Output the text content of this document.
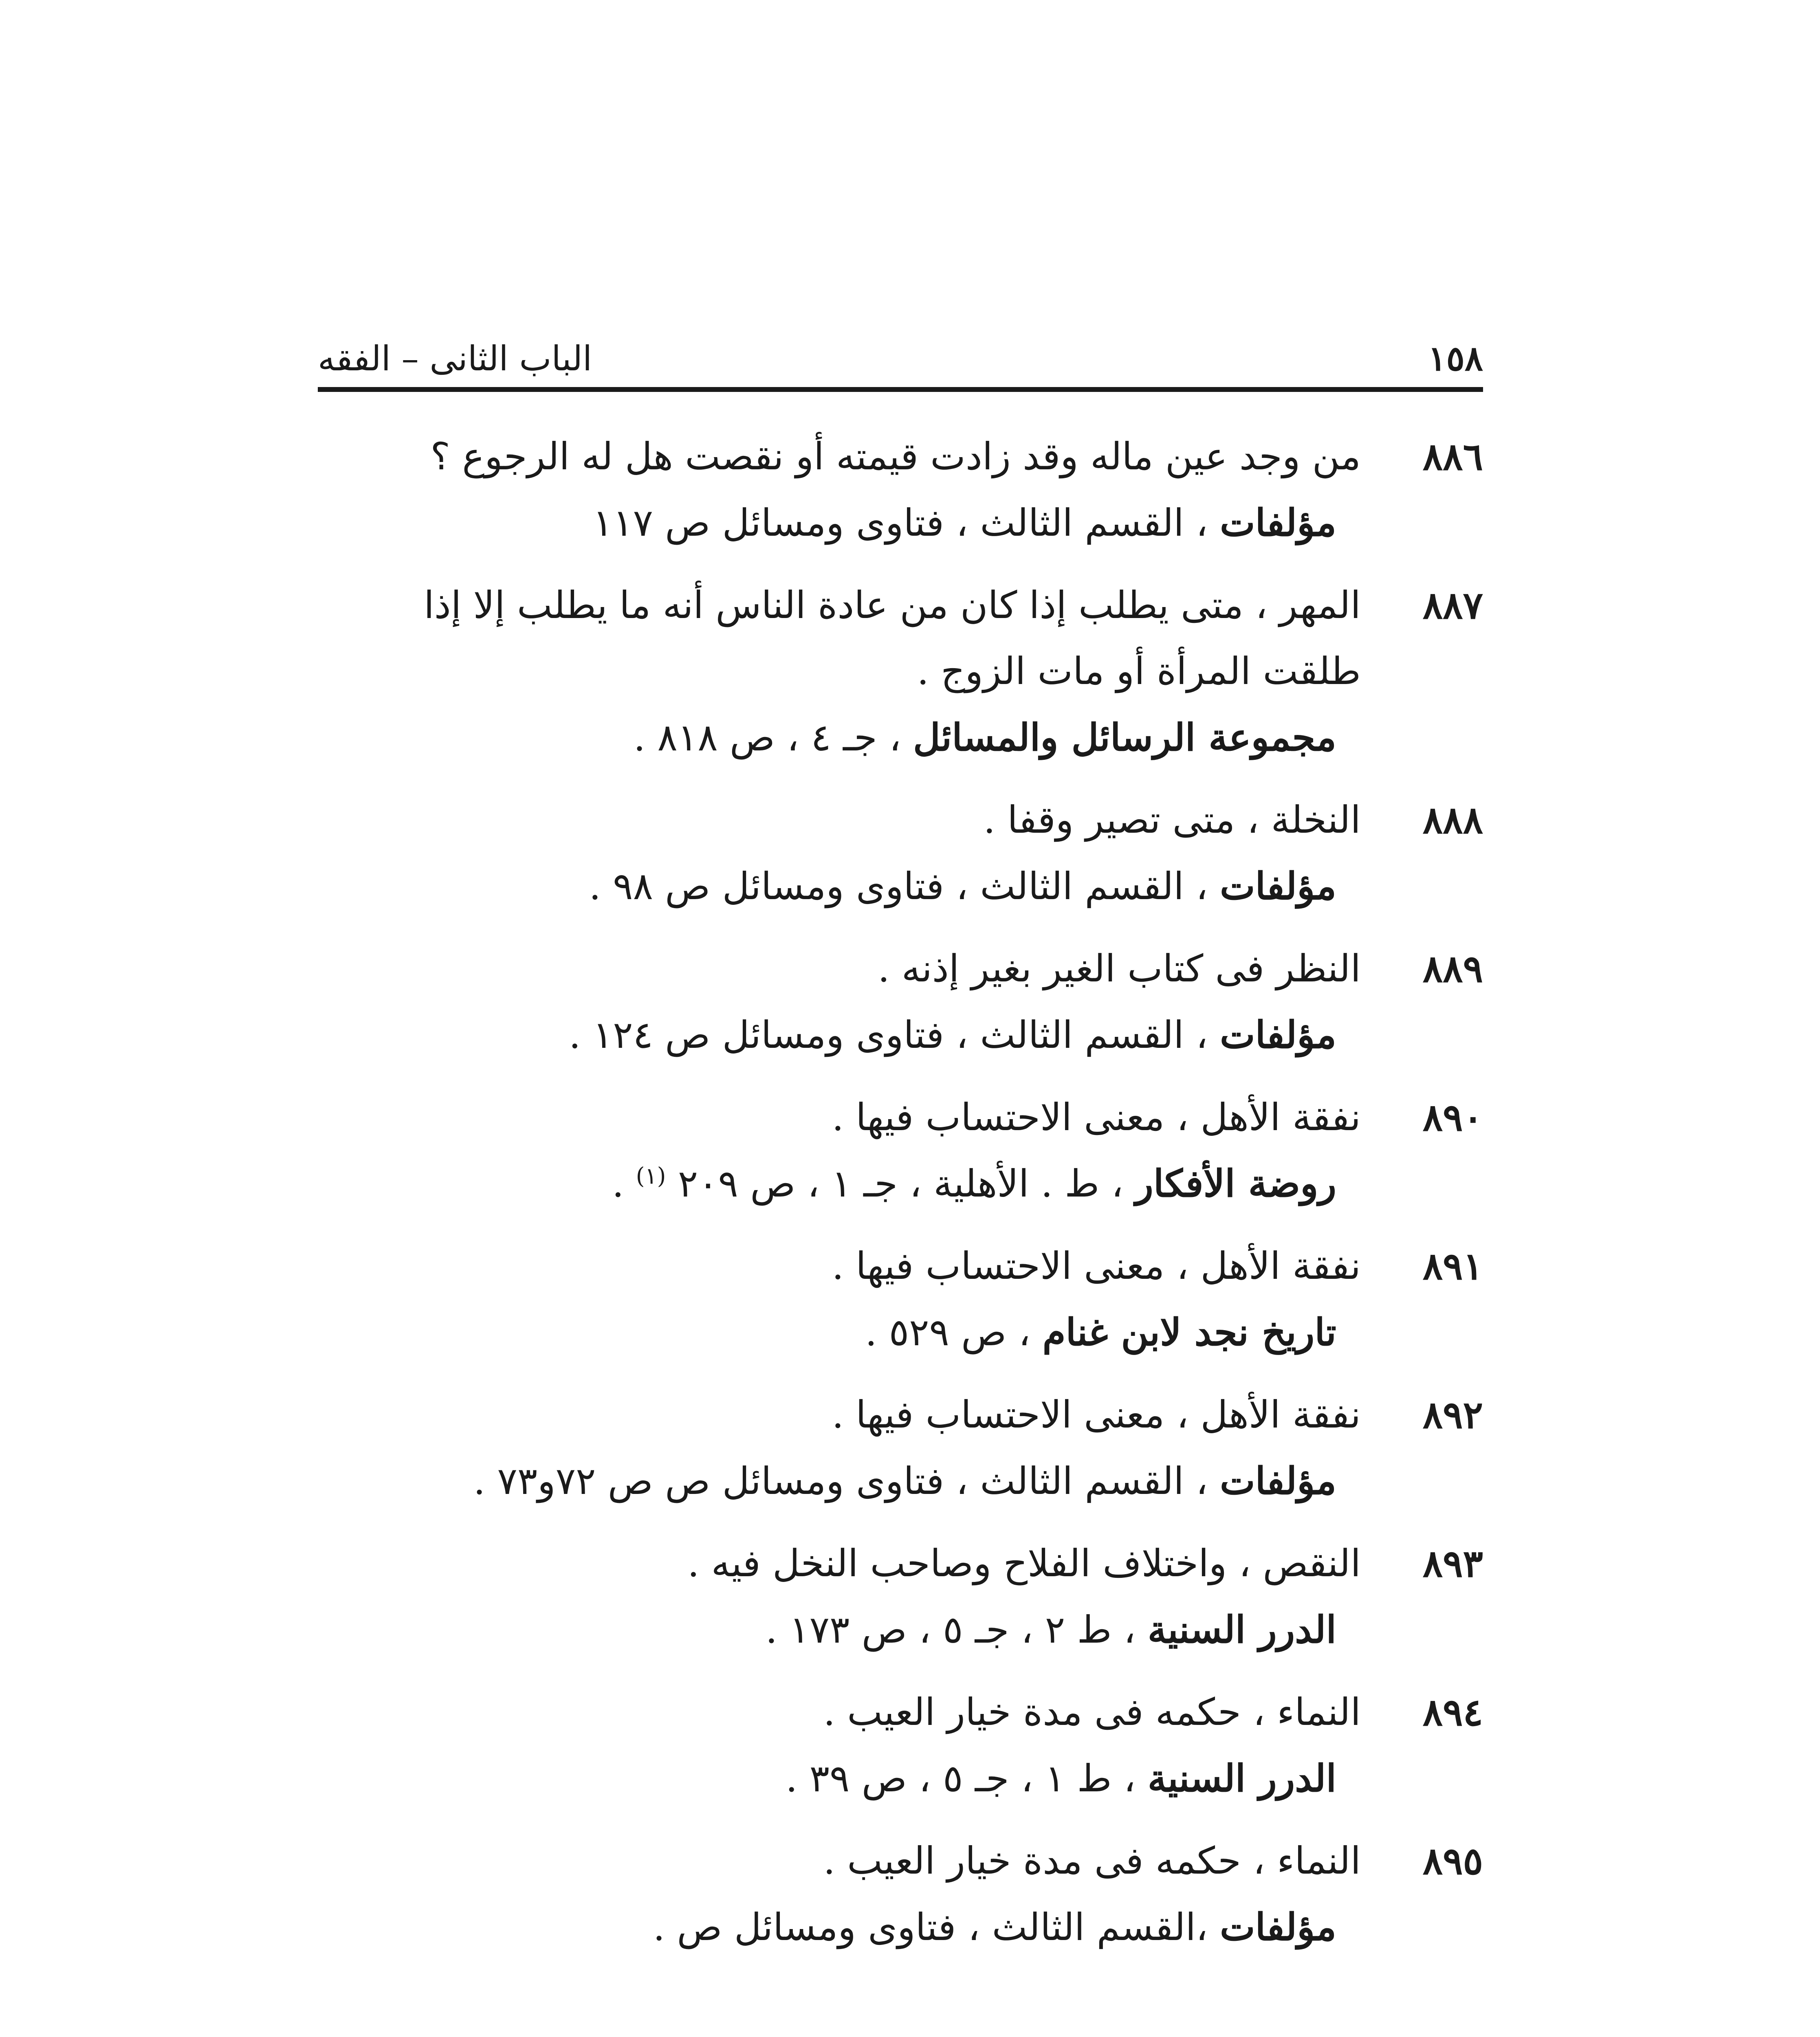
١٥٨
الباب الثانى – الفقه
٨٨٦
من وجد عين ماله وقد زادت قيمته أو نقصت هل له الرجوع ؟
مؤلفات ، القسم الثالث ، فتاوى ومسائل ص ١١٧
٨٨٧
المهر ، متى يطلب إذا كان من عادة الناس أنه ما يطلب إلا إذا طلقت المرأة أو مات الزوج .
مجموعة الرسائل والمسائل ، جـ ٤ ، ص ٨١٨ .
٨٨٨
النخلة ، متى تصير وقفا .
مؤلفات ، القسم الثالث ، فتاوى ومسائل ص ٩٨ .
٨٨٩
النظر فى كتاب الغير بغير إذنه .
مؤلفات ، القسم الثالث ، فتاوى ومسائل ص ١٢٤ .
٨٩٠
نفقة الأهل ، معنى الاحتساب فيها .
روضة الأفكار ، ط . الأهلية ، جـ ١ ، ص ٢٠٩ $^{(١)}$ .
٨٩١
نفقة الأهل ، معنى الاحتساب فيها .
تاريخ نجد لابن غنام ، ص ٥٢٩ .
٨٩٢
نفقة الأهل ، معنى الاحتساب فيها .
مؤلفات ، القسم الثالث ، فتاوى ومسائل ص ص ٧٢و٧٣ .
٨٩٣
النقص ، واختلاف الفلاح وصاحب النخل فيه .
الدرر السنية ، ط ٢ ، جـ ٥ ، ص ١٧٣ .
٨٩٤
النماء ، حكمه فى مدة خيار العيب .
الدرر السنية ، ط ١ ، جـ ٥ ، ص ٣٩ .
٨٩٥
النماء ، حكمه فى مدة خيار العيب .
مؤلفات ،القسم الثالث ، فتاوى ومسائل ص .
